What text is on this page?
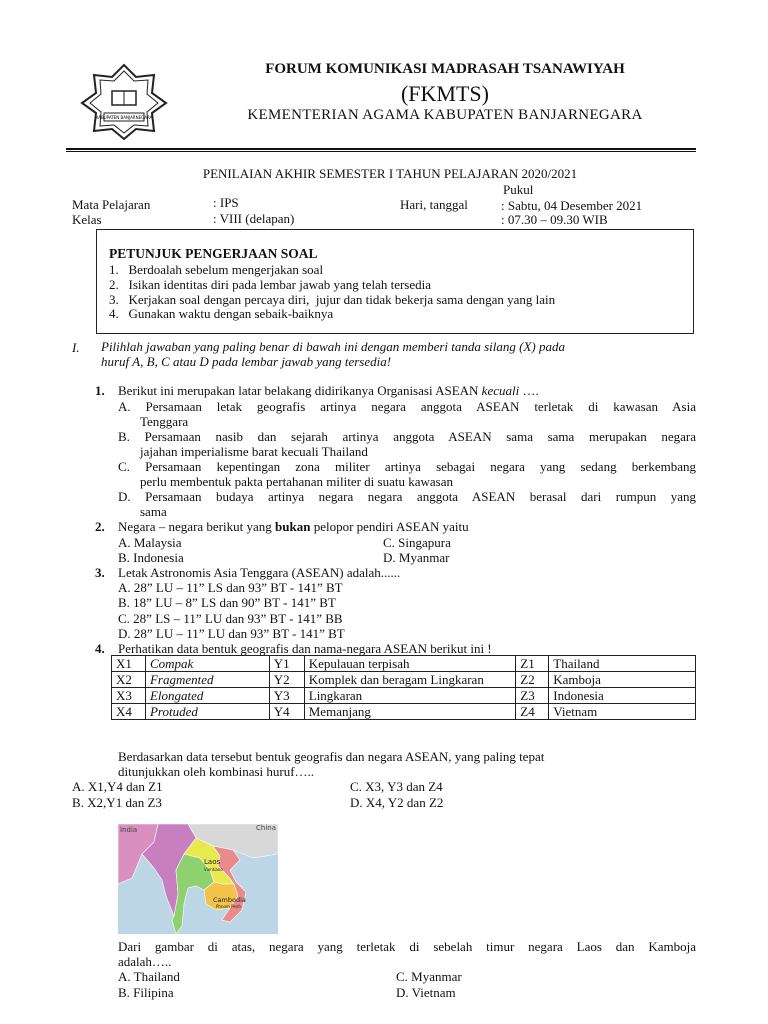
KABUPATEN BANJARNEGARA
FORUM KOMUNIKASI MADRASAH TSANAWIYAH
(FKMTS)
KEMENTERIAN AGAMA KABUPATEN BANJARNEGARA
PENILAIAN AKHIR SEMESTER I TAHUN PELAJARAN 2020/2021
Pukul
Mata Pelajaran	: IPS	Hari, tanggal	: Sabtu, 04 Desember 2021
Kelas	: VIII (delapan)	: 07.30 – 09.30 WIB
PETUNJUK PENGERJAAN SOAL
1.   Berdoalah sebelum mengerjakan soal
2.   Isikan identitas diri pada lembar jawab yang telah tersedia
3.   Kerjakan soal dengan percaya diri,  jujur dan tidak bekerja sama dengan yang lain
4.   Gunakan waktu dengan sebaik-baiknya
I. Pilihlah jawaban yang paling benar di bawah ini dengan memberi tanda silang (X) pada
huruf A, B, C atau D pada lembar jawab yang tersedia!
1. Berikut ini merupakan latar belakang didirikanya Organisasi ASEAN kecuali ….
A. Persamaan letak geografis artinya negara anggota ASEAN terletak di kawasan Asia
Tenggara
B. Persamaan nasib dan sejarah artinya anggota ASEAN sama sama merupakan negara
jajahan imperialisme barat kecuali Thailand
C. Persamaan kepentingan zona militer artinya sebagai negara yang sedang berkembang
perlu membentuk pakta pertahanan militer di suatu kawasan
D. Persamaan budaya artinya negara negara anggota ASEAN berasal dari rumpun yang
sama
2. Negara – negara berikut yang bukan pelopor pendiri ASEAN yaitu
A. Malaysia	C. Singapura
B. Indonesia	D. Myanmar
3. Letak Astronomis Asia Tenggara (ASEAN) adalah......
A. 28” LU – 11” LS dan 93” BT - 141” BT
B. 18” LU – 8” LS dan 90” BT - 141” BT
C. 28” LS – 11” LU dan 93” BT - 141” BB
D. 28” LU – 11” LU dan 93” BT - 141” BT
4. Perhatikan data bentuk geografis dan nama-negara ASEAN berikut ini !
X1	Compak	Y1	Kepulauan terpisah	Z1	Thailand
X2	Fragmented	Y2	Komplek dan beragam Lingkaran	Z2	Kamboja
X3	Elongated	Y3	Lingkaran	Z3	Indonesia
X4	Protuded	Y4	Memanjang	Z4	Vietnam
Berdasarkan data tersebut bentuk geografis dan negara ASEAN, yang paling tepat
ditunjukkan oleh kombinasi huruf…..
A. X1,Y4 dan Z1	C. X3, Y3 dan Z4
B. X2,Y1 dan Z3	D. X4, Y2 dan Z2
India	China
Laos
Vientiane
Cambodia
Phnom Penh
Dari gambar di atas, negara yang terletak di sebelah timur negara Laos dan Kamboja
adalah…..
A. Thailand	C. Myanmar
B. Filipina	D. Vietnam
